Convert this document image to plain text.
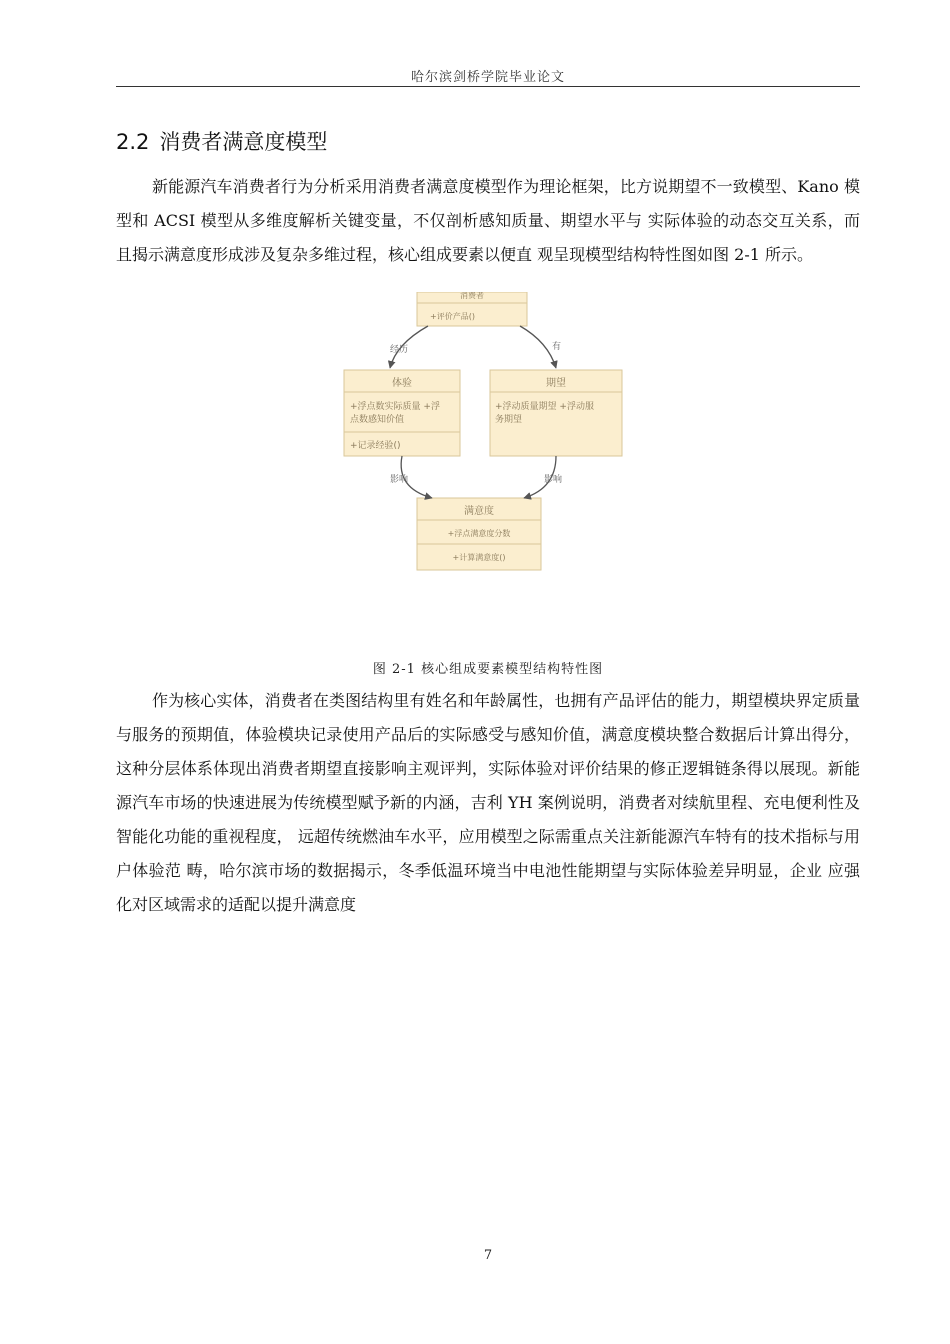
哈尔滨剑桥学院毕业论文
2.2 消费者满意度模型

新能源汽车消费者行为分析采用消费者满意度模型作为理论框架，比方说期望不一致模型、Kano 模型和 ACSI 模型从多维度解析关键变量，不仅剖析感知质量、期望水平与 实际体验的动态交互关系，而且揭示满意度形成涉及复杂多维过程，核心组成要素以便直 观呈现模型结构特性图如图 2-1 所示。

消费者
+评价产品()
体验
+浮点数实际质量 +浮
点数感知价值
+记录经验()
期望
+浮动质量期望 +浮动服
务期望
满意度
+浮点满意度分数
+计算满意度()
经历	有
影响	影响
图 2-1 核心组成要素模型结构特性图

作为核心实体，消费者在类图结构里有姓名和年龄属性，也拥有产品评估的能力，期望模块界定质量与服务的预期值，体验模块记录使用产品后的实际感受与感知价值，满意度模块整合数据后计算出得分，这种分层体系体现出消费者期望直接影响主观评判，实际体验对评价结果的修正逻辑链条得以展现。新能源汽车市场的快速进展为传统模型赋予新的内涵，吉利 YH 案例说明，消费者对续航里程、充电便利性及智能化功能的重视程度， 远超传统燃油车水平，应用模型之际需重点关注新能源汽车特有的技术指标与用户体验范 畴，哈尔滨市场的数据揭示，冬季低温环境当中电池性能期望与实际体验差异明显，企业 应强化对区域需求的适配以提升满意度

7
